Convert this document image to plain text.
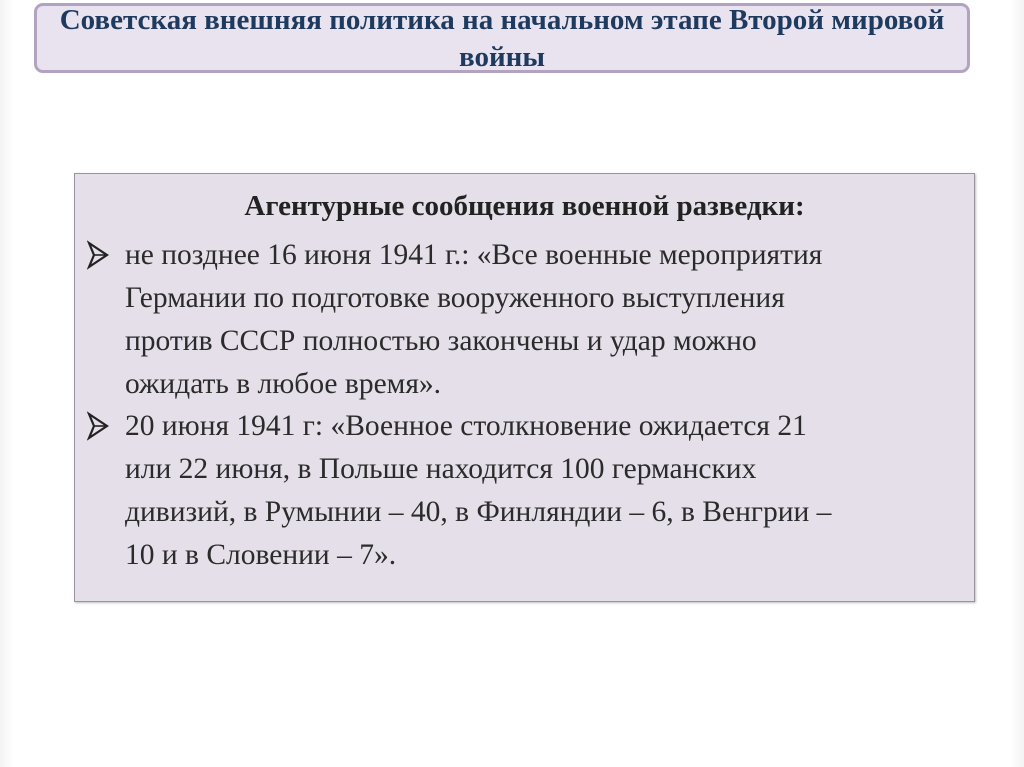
Советская внешняя политика на начальном этапе Второй мировой войны
Агентурные сообщения военной разведки:
не позднее 16 июня 1941 г.: «Все военные мероприятия
Германии по подготовке вооруженного выступления
против СССР полностью закончены и удар можно
ожидать в любое время».
20 июня 1941 г: «Военное столкновение ожидается 21
или 22 июня, в Польше находится 100 германских
дивизий, в Румынии – 40, в Финляндии – 6, в Венгрии –
10 и в Словении – 7».
